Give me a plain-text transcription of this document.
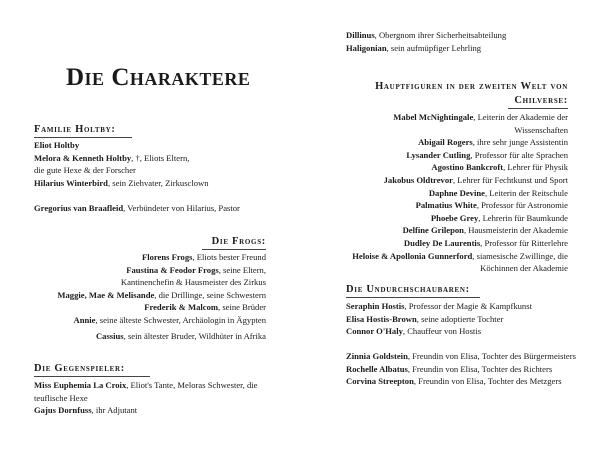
Die Charaktere
Familie Holtby:
Eliot Holtby
Melora & Kenneth Holtby, †, Eliots Eltern,
die gute Hexe & der Forscher
Hilarius Winterbird, sein Ziehvater, Zirkusclown
Gregorius van Braafleid, Verbündeter von Hilarius, Pastor
Die Frogs:
Florens Frogs, Eliots bester Freund
Faustina & Feodor Frogs, seine Eltern,
Kantinenchefin & Hausmeister des Zirkus
Maggie, Mae & Melisande, die Drillinge, seine Schwestern
Frederik & Malcom, seine Brüder
Annie, seine älteste Schwester, Archäologin in Ägypten
Cassius, sein ältester Bruder, Wildhüter in Afrika
Die Gegenspieler:
Miss Euphemia La Croix, Eliot's Tante, Meloras Schwester, die
teuflische Hexe
Gajus Dornfuss, ihr Adjutant
Dillinus, Obergnom ihrer Sicherheitsabteilung
Haligonian, sein aufmüpfiger Lehrling
Hauptfiguren in der zweiten Welt von
Chilverse:
Mabel McNightingale, Leiterin der Akademie der
Wissenschaften
Abigail Rogers, ihre sehr junge Assistentin
Lysander Cutling, Professor für alte Sprachen
Agostino Bankcroft, Lehrer für Physik
Jakobus Oldtrevor, Lehrer für Fechtkunst und Sport
Daphne Devine, Leiterin der Reitschule
Palmatius White, Professor für Astronomie
Phoebe Grey, Lehrerin für Baumkunde
Delfine Grilepon, Hausmeisterin der Akademie
Dudley De Laurentis, Professor für Ritterlehre
Heloise & Apollonia Gunnerford, siamesische Zwillinge, die
Köchinnen der Akademie
Die Undurchschaubaren:
Seraphin Hostis, Professor der Magie & Kampfkunst
Elisa Hostis-Brown, seine adoptierte Tochter
Connor O'Haly, Chauffeur von Hostis
Zinnia Goldstein, Freundin von Elisa, Tochter des Bürgermeisters
Rochelle Albatus, Freundin von Elisa, Tochter des Richters
Corvina Streepton, Freundin von Elisa, Tochter des Metzgers
